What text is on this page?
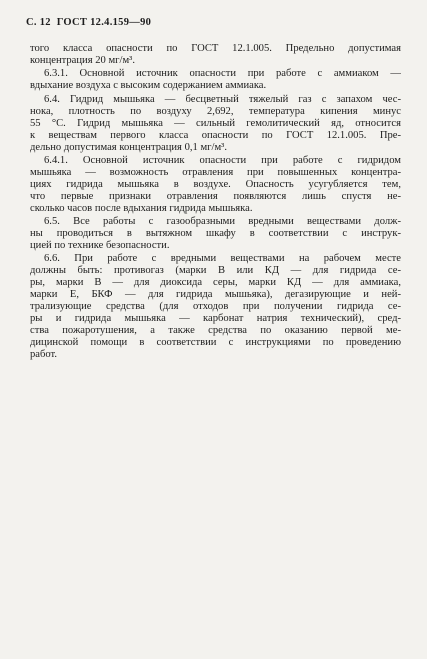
С. 12 ГОСТ 12.4.159—90
того класса опасности по ГОСТ 12.1.005. Предельно допустимая
концентрация 20 мг/м³.
6.3.1. Основной источник опасности при работе с аммиаком —
вдыхание воздуха с высоким содержанием аммиака.
6.4. Гидрид мышьяка — бесцветный тяжелый газ с запахом чес-
нока, плотность по воздуху 2,692, температура кипения минус
55 °С. Гидрид мышьяка — сильный гемолитический яд, относится
к веществам первого класса опасности по ГОСТ 12.1.005. Пре-
дельно допустимая концентрация 0,1 мг/м³.
6.4.1. Основной источник опасности при работе с гидридом
мышьяка — возможность отравления при повышенных концентра-
циях гидрида мышьяка в воздухе. Опасность усугубляется тем,
что первые признаки отравления появляются лишь спустя не-
сколько часов после вдыхания гидрида мышьяка.
6.5. Все работы с газообразными вредными веществами долж-
ны проводиться в вытяжном шкафу в соответствии с инструк-
цией по технике безопасности.
6.6. При работе с вредными веществами на рабочем месте
должны быть: противогаз (марки В или КД — для гидрида се-
ры, марки В — для диоксида серы, марки КД — для аммиака,
марки Е, БКФ — для гидрида мышьяка), дегазирующие и ней-
трализующие средства (для отходов при получении гидрида се-
ры и гидрида мышьяка — карбонат натрия технический), сред-
ства пожаротушения, а также средства по оказанию первой ме-
дицинской помощи в соответствии с инструкциями по проведению
работ.
